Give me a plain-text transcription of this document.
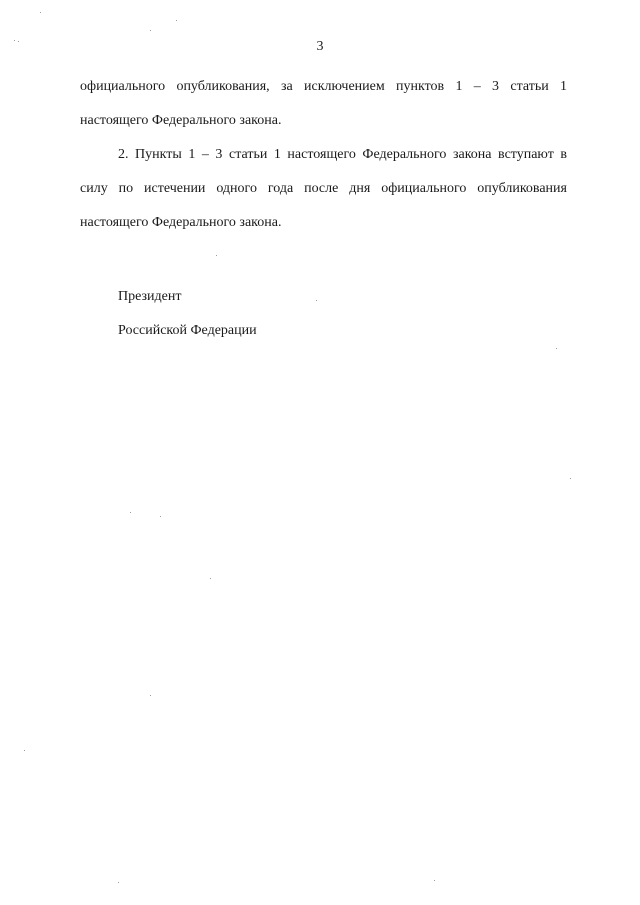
3
официального опубликования, за исключением пунктов 1 – 3 статьи 1
настоящего Федерального закона.
2. Пункты 1 – 3 статьи 1 настоящего Федерального закона вступают в
силу по истечении одного года после дня официального опубликования
настоящего Федерального закона.
Президент
Российской Федерации
